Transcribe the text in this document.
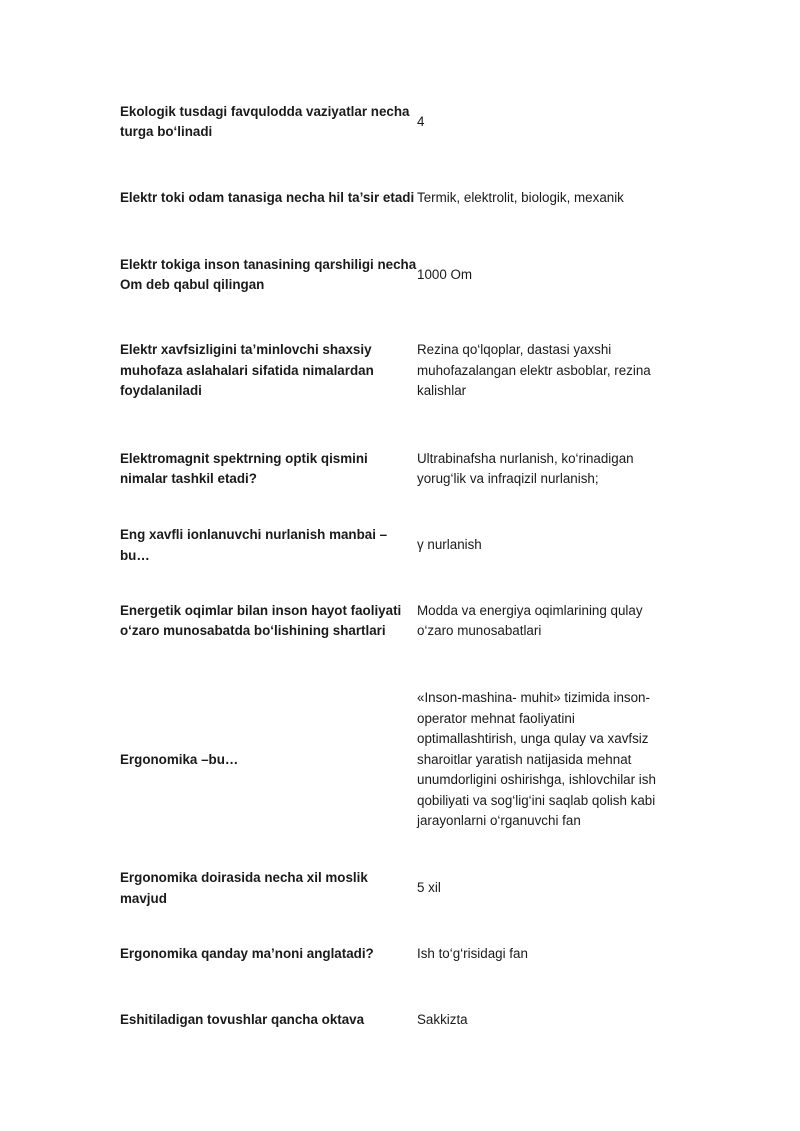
Ekologik tusdagi favqulodda vaziyatlar necha
turga bo‘linadi
4
Elektr toki odam tanasiga necha hil ta’sir etadi Termik, elektrolit, biologik, mexanik
Elektr tokiga inson tanasining qarshiligi necha
Om deb qabul qilingan
1000 Om
Elektr xavfsizligini ta’minlovchi shaxsiy
muhofaza aslahalari sifatida nimalardan
foydalaniladi
Rezina qo‘lqoplar, dastasi yaxshi
muhofazalangan elektr asboblar, rezina
kalishlar
Elektromagnit spektrning optik qismini
nimalar tashkil etadi?
Ultrabinafsha nurlanish, ko‘rinadigan
yorug‘lik va infraqizil nurlanish;
Eng xavfli ionlanuvchi nurlanish manbai – bu…
γ nurlanish
Energetik oqimlar bilan inson hayot faoliyati
o‘zaro munosabatda bo‘lishining shartlari
Modda va energiya oqimlarining qulay
o‘zaro munosabatlari
Ergonomika –bu…
«Inson-mashina- muhit» tizimida inson-
operator mehnat faoliyatini
optimallashtirish, unga qulay va xavfsiz
sharoitlar yaratish natijasida mehnat
unumdorligini oshirishga, ishlovchilar ish
qobiliyati va sog‘lig‘ini saqlab qolish kabi
jarayonlarni o‘rganuvchi fan
Ergonomika doirasida necha xil moslik mavjud
5 xil
Ergonomika qanday ma’noni anglatadi?	Ish to‘g‘risidagi fan
Eshitiladigan tovushlar qancha oktava	Sakkizta
